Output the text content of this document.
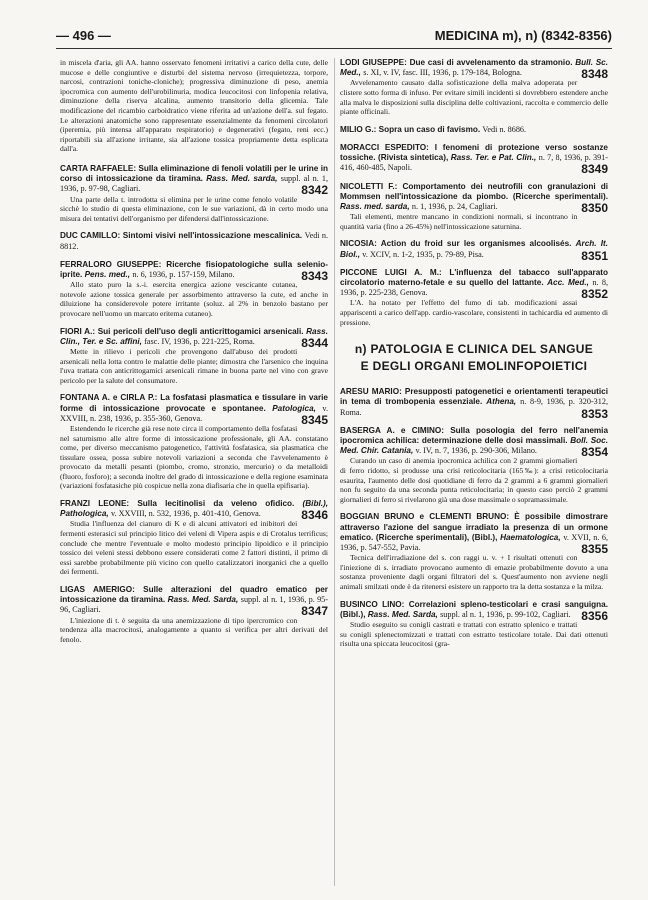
— 496 —	MEDICINA m), n) (8342-8356)
in miscela d'aria, gli AA. hanno osservato fenomeni irritativi a carico della cute, delle mucose e delle congiuntive e disturbi del sistema nervoso (irrequietezza, torpore, narcosi, contrazioni toniche-cloniche); progressiva diminuzione di peso, anemia ipocromica con aumento dell'urobilinuria, modica leucocitosi con linfopenia relativa, diminuzione della riserva alcalina, aumento transitorio della glicemia. Tale modificazione del ricambio carboidratico viene riferita ad un'azione dell'a. sul fegato. Le alterazioni anatomiche sono rappresentate essenzialmente da fenomeni circolatori (iperemia, più intensa all'apparato respiratorio) e degenerativi (fegato, reni ecc.) riportabili sia all'azione irritante, sia all'azione tossica propriamente detta esplicata dall'a.
CARTA RAFFAELE: Sulla eliminazione di fenoli volatili per le urine in corso di intossicazione da tiramina. Rass. Med. sarda, suppl. al n. 1, 1936, p. 97-98, Cagliari.	8342
Una parte della t. introdotta si elimina per le urine come fenolo volatile sicchè lo studio di questa eliminazione, con le sue variazioni, dà in certo modo una misura dei tentativi dell'organismo per difendersi dall'intossicazione.
DUC CAMILLO: Sintomi visivi nell'intossicazione mescalinica. Vedi n. 8812.
FERRALORO GIUSEPPE: Ricerche fisiopatologiche sulla selenio-iprite. Pens. med., n. 6, 1936, p. 157-159, Milano.	8343
Allo stato puro la s.-i. esercita energica azione vescicante cutanea, notevole azione tossica generale per assorbimento attraverso la cute, ed anche in diluizione ha considerevole potere irritante (soluz. al 2% in benzolo bastano per provocare nell'uomo un marcato eritema cutaneo).
FIORI A.: Sui pericoli dell'uso degli anticrittogamici arsenicali. Rass. Clin., Ter. e Sc. affini, fasc. IV, 1936, p. 221-225, Roma.	8344
Mette in rilievo i pericoli che provengono dall'abuso dei prodotti arsenicali nella lotta contro le malattie delle piante; dimostra che l'arsenico che inquina l'uva trattata con anticrittogamici arsenicali rimane in buona parte nel vino con grave pericolo per la salute del consumatore.
FONTANA A. e CIRLA P.: La fosfatasi plasmatica e tissulare in varie forme di intossicazione provocate e spontanee. Patologica, v. XXVIII, n. 238, 1936, p. 355-360, Genova.	8345
Estendendo le ricerche già rese note circa il comportamento della fosfatasi nel saturnismo alle altre forme di intossicazione professionale, gli AA. constatano come, per diverso meccanismo patogenetico, l'attività fosfatasica, sia plasmatica che tissulare ossea, possa subire notevoli variazioni a seconda che l'avvelenamento è provocato da metalli pesanti (piombo, cromo, stronzio, mercurio) o da metalloidi (fluoro, fosforo); a seconda inoltre del grado di intossicazione e della regione esaminata (variazioni fosfatasiche più cospicue nella zona diafisaria che in quella epifisaria).
FRANZI LEONE: Sulla lecitinolisi da veleno ofidico. (Bibl.), Pathologica, v. XXVIII, n. 532, 1936, p. 401-410, Genova.	8346
Studia l'influenza del cianuro di K e di alcuni attivatori ed inibitori dei fermenti esterasici sul principio litico dei veleni di Vipera aspis e di Crotalus terrificus; conclude che mentre l'eventuale e molto modesto principio lipoidico e il principio tossico dei veleni stessi debbono essere considerati come 2 fattori distinti, il primo di essi sarebbe probabilmente più vicino con quello catalizzatori inorganici che a quello dei fermenti.
LIGAS AMERIGO: Sulle alterazioni del quadro ematico per intossicazione da tiramina. Rass. Med. Sarda, suppl. al n. 1, 1936, p. 95-96, Cagliari.	8347
L'iniezione di t. è seguita da una anemizzazione di tipo ipercromico con tendenza alla macrocitosi, analogamente a quanto si verifica per altri derivati del fenolo.
LODI GIUSEPPE: Due casi di avvelenamento da stramonio. Bull. Sc. Med., s. XI, v. IV, fasc. III, 1936, p. 179-184, Bologna.	8348
Avvelenamento causato dalla sofisticazione della malva adoperata per clistere sotto forma di infuso. Per evitare simili incidenti si dovrebbero estendere anche alla malva le disposizioni sulla disciplina delle coltivazioni, raccolta e commercio delle piante officinali.
MILIO G.: Sopra un caso di favismo. Vedi n. 8686.
MORACCI ESPEDITO: I fenomeni di protezione verso sostanze tossiche. (Rivista sintetica), Rass. Ter. e Pat. Clin., n. 7, 8, 1936, p. 391-416, 460-485, Napoli.	8349
NICOLETTI F.: Comportamento dei neutrofili con granulazioni di Mommsen nell'intossicazione da piombo. (Ricerche sperimentali). Rass. med. sarda, n. 1, 1936, p. 24, Cagliari.	8350
Tali elementi, mentre mancano in condizioni normali, si incontrano in quantità varia (fino a 26-45%) nell'intossicazione saturnina.
NICOSIA: Action du froid sur les organismes alcoolisés. Arch. It. Biol., v. XCIV, n. 1-2, 1935, p. 79-89, Pisa.	8351
PICCONE LUIGI A. M.: L'influenza del tabacco sull'apparato circolatorio materno-fetale e su quello del lattante. Acc. Med., n. 8, 1936, p. 225-238, Genova.	8352
L'A. ha notato per l'effetto del fumo di tab. modificazioni assai appariscenti a carico dell'app. cardio-vascolare, consistenti in tachicardia ed aumento di pressione.
n) PATOLOGIA E CLINICA DEL SANGUE
E DEGLI ORGANI EMOLINFOPOIETICI
ARESU MARIO: Presupposti patogenetici e orientamenti terapeutici in tema di trombopenia essenziale. Athena, n. 8-9, 1936, p. 320-312, Roma.	8353
BASERGA A. e CIMINO: Sulla posologia del ferro nell'anemia ipocromica achilica: determinazione delle dosi massimali. Boll. Soc. Med. Chir. Catania, v. IV, n. 7, 1936, p. 290-306, Milano.	8354
Curando un caso di anemia ipocromica achilica con 2 grammi giornalieri di ferro ridotto, si produsse una crisi reticolocitaria (165‰): a crisi reticolocitaria esaurita, l'aumento delle dosi quotidiane di ferro da 2 grammi a 6 grammi giornalieri non fu seguito da una seconda punta reticolocitaria; in questo caso perciò 2 grammi giornalieri di ferro si rivelarono già una dose massimale o sopramassimale.
BOGGIAN BRUNO e CLEMENTI BRUNO: È possibile dimostrare attraverso l'azione del sangue irradiato la presenza di un ormone ematico. (Ricerche sperimentali), (Bibl.), Haematologica, v. XVII, n. 6, 1936, p. 547-552, Pavia.	8355
Tecnica dell'irradiazione del s. con raggi u. v. + I risultati ottenuti con l'iniezione di s. irradiato provocano aumento di emazie probabilmente dovuto a una sostanza proveniente dagli organi filtratori del s. Quest'aumento non avviene negli animali smilzati onde è da ritenersi esistere un rapporto tra la detta sostanza e la milza.
BUSINCO LINO: Correlazioni spleno-testicolari e crasi sanguigna. (Bibl.), Rass. Med. Sarda, suppl. al n. 1, 1936, p. 99-102, Cagliari. 8356
Studio eseguito su conigli castrati e trattati con estratto splenico e trattati su conigli splenectomizzati e trattati con estratto testicolare totale. Dai dati ottenuti risulta una spiccata leucocitosi (gra-
